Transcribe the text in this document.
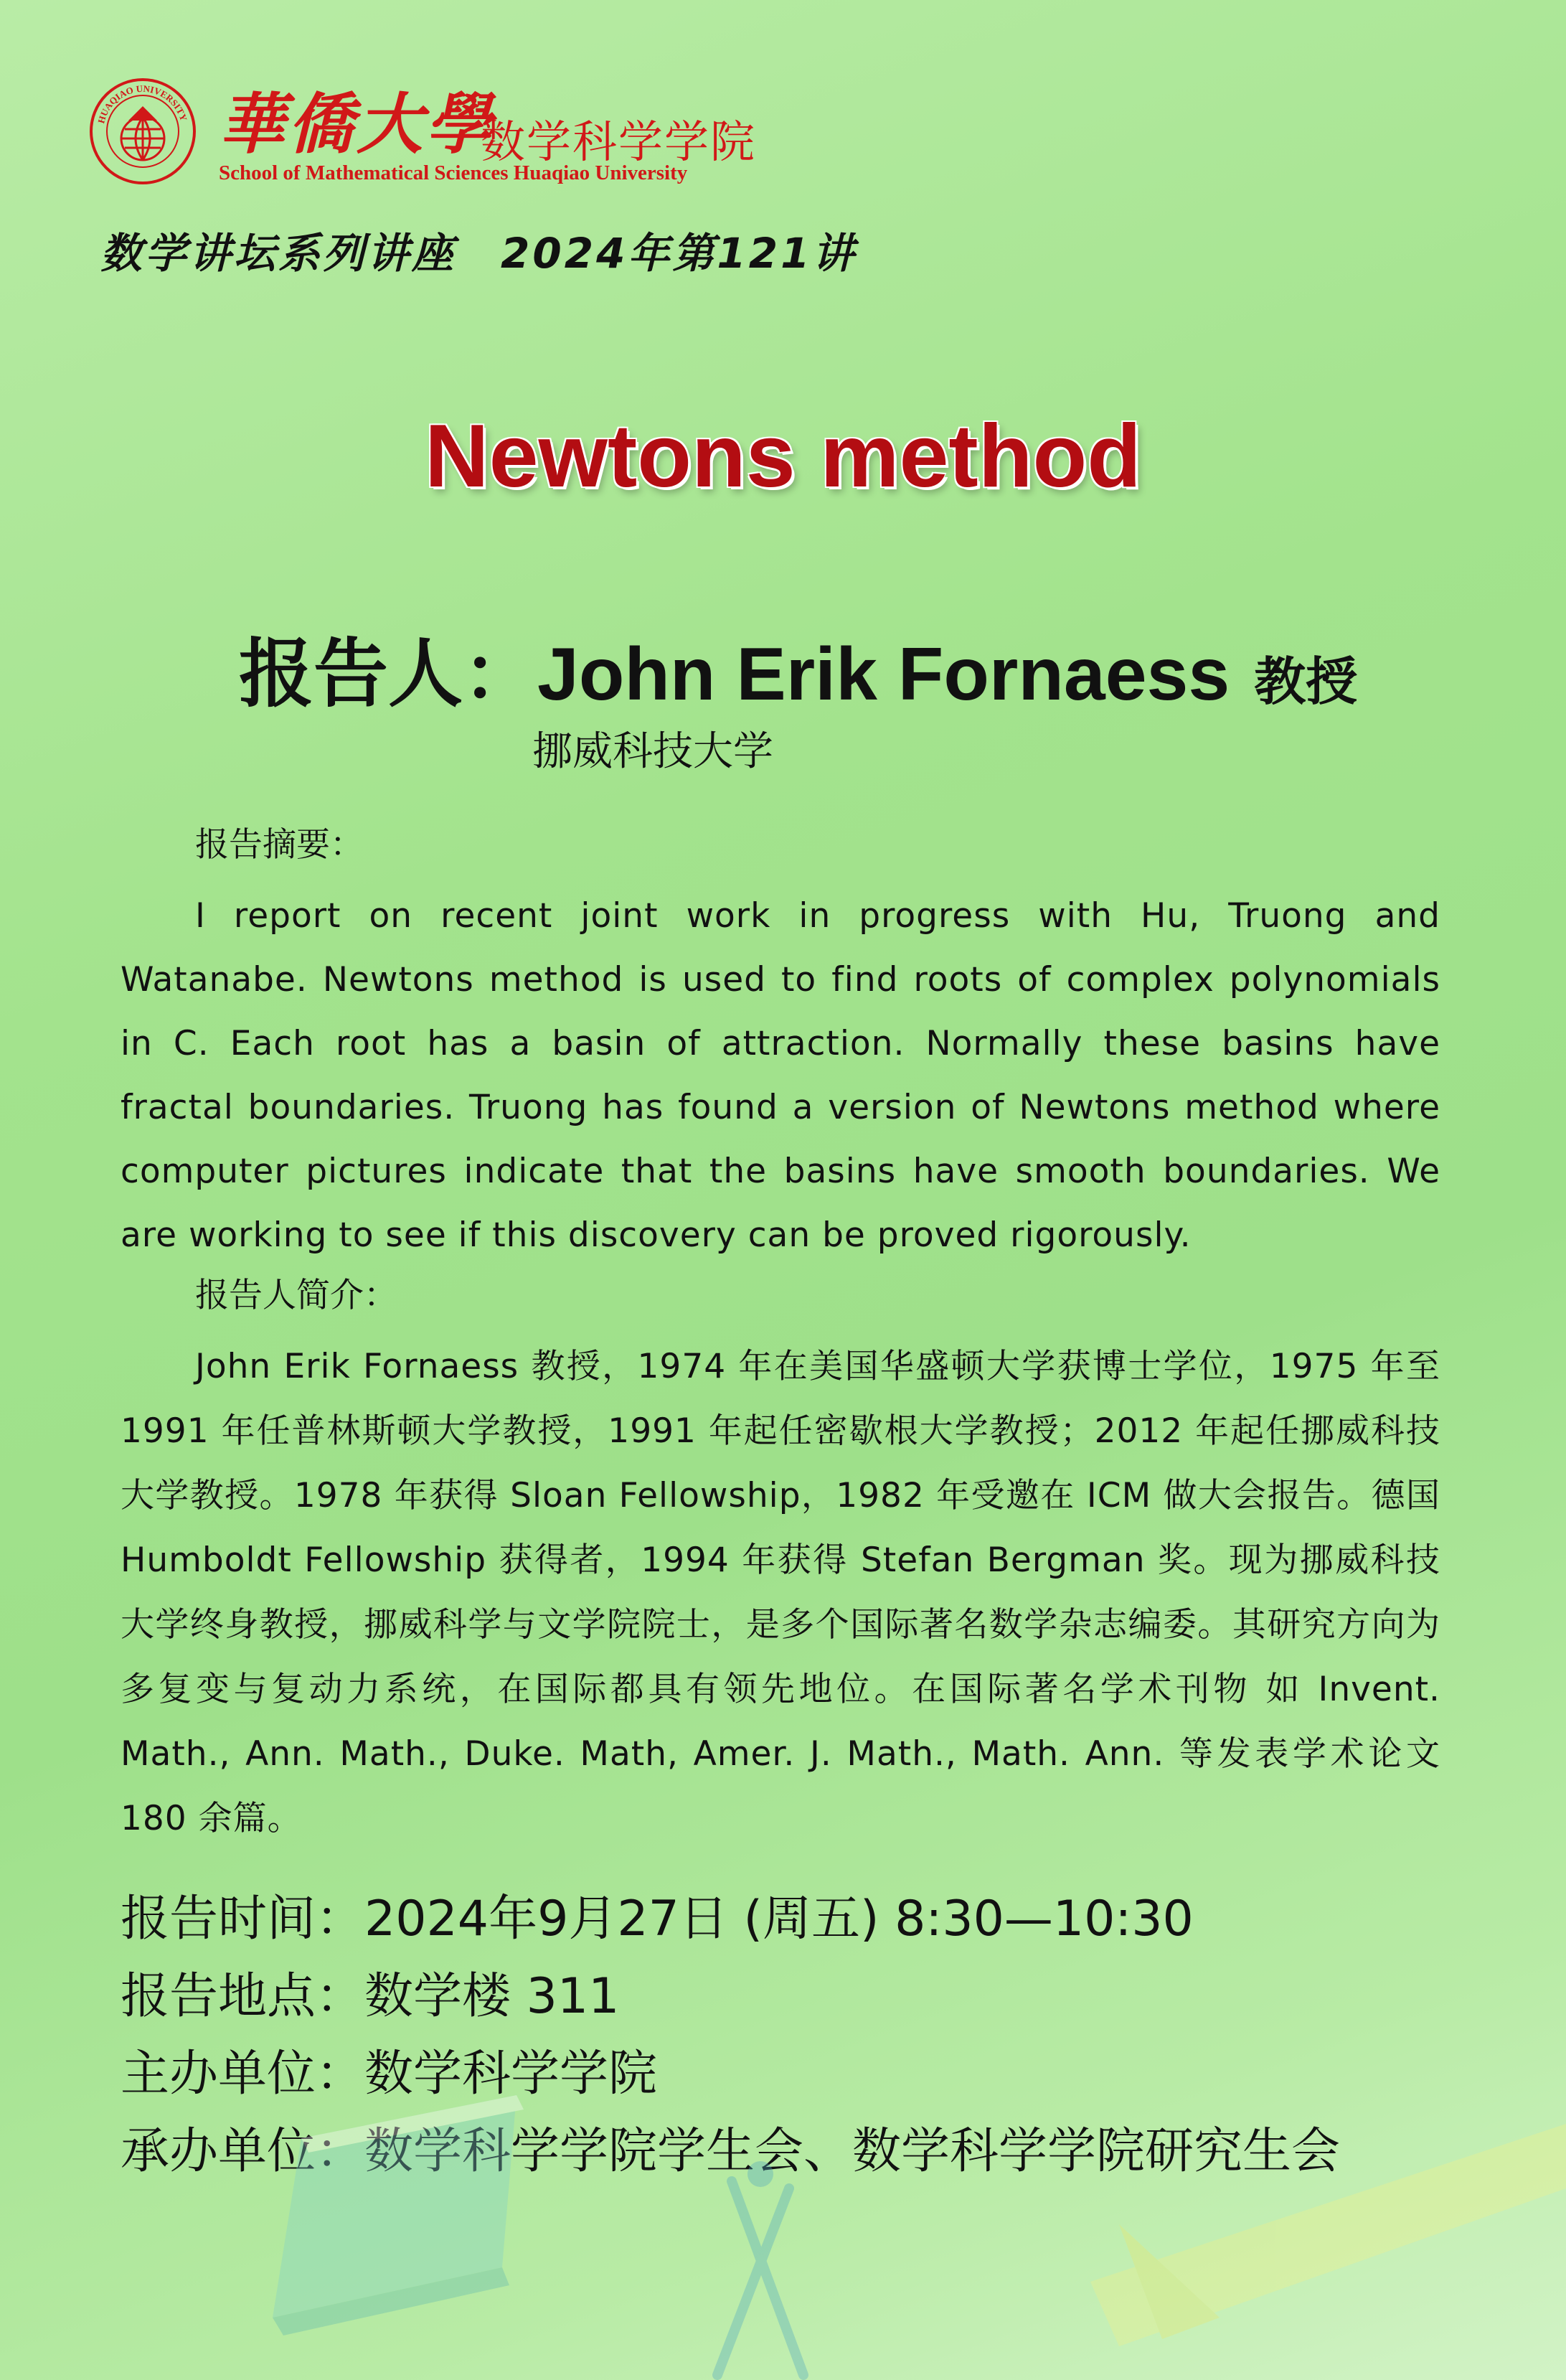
HUAQIAO UNIVERSITY 華僑大學
数学科学学院
School of Mathematical Sciences Huaqiao University
数学讲坛系列讲座　2024年第121讲
Newtons method
报告人：John Erik Fornaess 教授
挪威科技大学
报告摘要：

I report on recent joint work in progress with Hu, Truong and Watanabe. Newtons method is used to find roots of complex polynomials in C. Each root has a basin of attraction. Normally these basins have fractal boundaries. Truong has found a version of Newtons method where computer pictures indicate that the basins have smooth boundaries. We are working to see if this discovery can be proved rigorously.

报告人简介：

John Erik Fornaess 教授，1974 年在美国华盛顿大学获博士学位，1975 年至 1991 年任普林斯顿大学教授，1991 年起任密歇根大学教授；2012 年起任挪威科技大学教授。1978 年获得 Sloan Fellowship，1982 年受邀在 ICM 做大会报告。德国 Humboldt Fellowship 获得者，1994 年获得 Stefan Bergman 奖。现为挪威科技大学终身教授，挪威科学与文学院院士，是多个国际著名数学杂志编委。其研究方向为多复变与复动力系统，在国际都具有领先地位。在国际著名学术刊物 如 Invent. Math., Ann. Math., Duke. Math, Amer. J. Math., Math. Ann. 等发表学术论文 180 余篇。

报告时间：2024年9月27日 (周五) 8:30—10:30
报告地点：数学楼 311
主办单位：数学科学学院
承办单位：数学科学学院学生会、数学科学学院研究生会
